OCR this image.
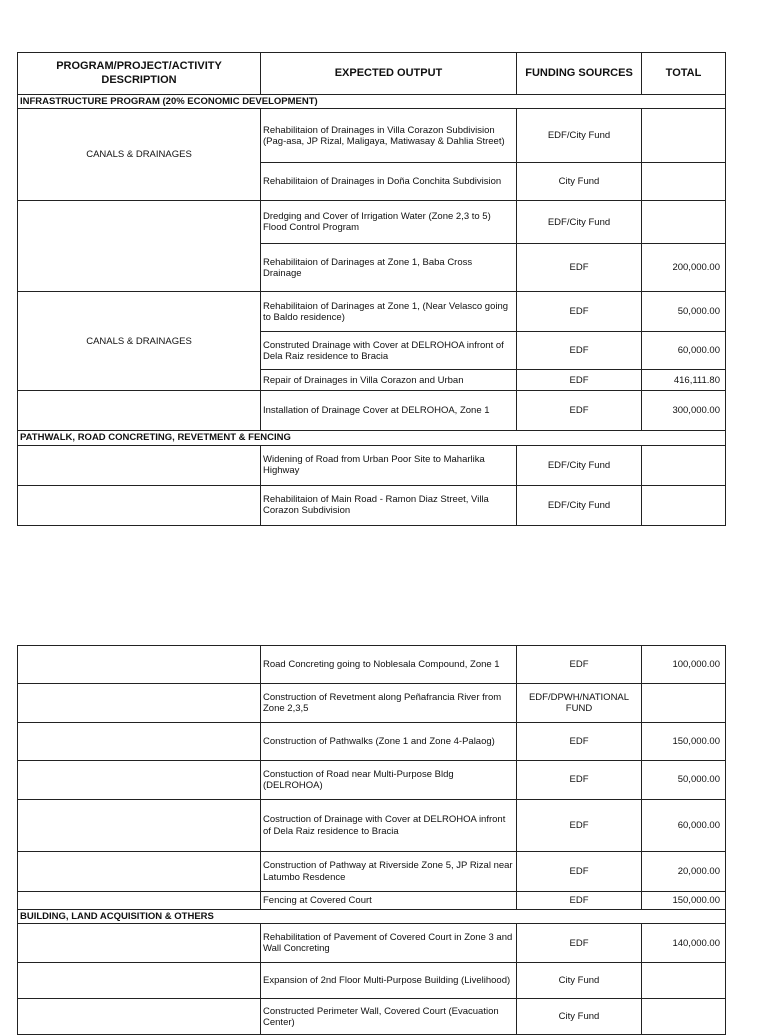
PROGRAM/PROJECT/ACTIVITY DESCRIPTION	EXPECTED OUTPUT	FUNDING SOURCES	TOTAL
INFRASTRUCTURE PROGRAM (20% ECONOMIC DEVELOPMENT)			
CANALS & DRAINAGES	Rehabilitaion of Drainages in Villa Corazon Subdivision (Pag-asa, JP Rizal, Maligaya, Matiwasay & Dahlia Street)	EDF/City Fund	
	Rehabilitaion of Drainages in Doña Conchita Subdivision	City Fund	
	Dredging and Cover of Irrigation Water (Zone 2,3 to 5) Flood Control Program	EDF/City Fund	
	Rehabilitaion of Darinages at Zone 1, Baba Cross Drainage	EDF	200,000.00
CANALS & DRAINAGES	Rehabilitaion of Darinages at Zone 1, (Near Velasco going to Baldo residence)	EDF	50,000.00
	Construted Drainage with Cover at DELROHOA infront of Dela Raiz residence to Bracia	EDF	60,000.00
	Repair of Drainages in Villa Corazon and Urban	EDF	416,111.80
	Installation of Drainage Cover at DELROHOA, Zone 1	EDF	300,000.00
PATHWALK, ROAD CONCRETING, REVETMENT & FENCING			
	Widening of Road from Urban Poor Site to Maharlika Highway	EDF/City Fund	
	Rehabilitaion of Main Road - Ramon Diaz Street, Villa Corazon Subdivision	EDF/City Fund	
	Road Concreting going to Noblesala Compound, Zone 1	EDF	100,000.00
	Construction of Revetment along Peñafrancia River from Zone 2,3,5	EDF/DPWH/NATIONAL FUND	
	Construction of Pathwalks (Zone 1 and Zone 4-Palaog)	EDF	150,000.00
	Constuction of Road near Multi-Purpose Bldg (DELROHOA)	EDF	50,000.00
	Costruction of Drainage with Cover at DELROHOA infront of Dela Raiz residence to Bracia	EDF	60,000.00
	Construction of Pathway at Riverside Zone 5, JP Rizal near Latumbo Resdence	EDF	20,000.00
	Fencing at Covered Court	EDF	150,000.00
BUILDING, LAND ACQUISITION & OTHERS			
	Rehabilitation of Pavement of Covered Court in Zone 3 and Wall Concreting	EDF	140,000.00
	Expansion of 2nd Floor Multi-Purpose Building (Livelihood)	City Fund	
	Constructed Perimeter Wall, Covered Court (Evacuation Center)	City Fund	
